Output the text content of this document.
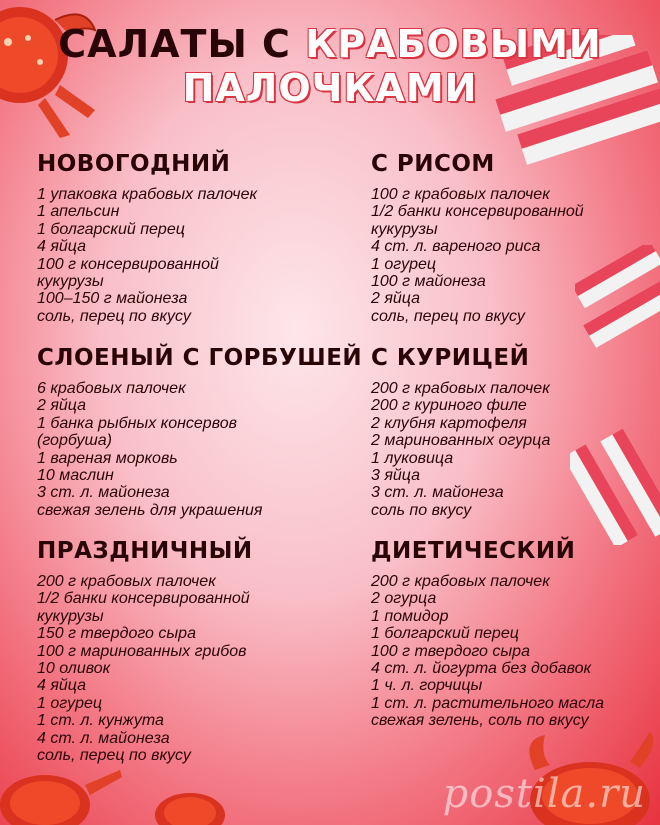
САЛАТЫ С КРАБОВЫМИ
ПАЛОЧКАМИ
НОВОГОДНИЙ
1 упаковка крабовых палочек
1 апельсин
1 болгарский перец
4 яйца
100 г консервированной
кукурузы
100–150 г майонеза
соль, перец по вкусу
С РИСОМ
100 г крабовых палочек
1/2 банки консервированной
кукурузы
4 ст. л. вареного риса
1 огурец
100 г майонеза
2 яйца
соль, перец по вкусу
СЛОЕНЫЙ С ГОРБУШЕЙ
6 крабовых палочек
2 яйца
1 банка рыбных консервов
(горбуша)
1 вареная морковь
10 маслин
3 ст. л. майонеза
свежая зелень для украшения
С КУРИЦЕЙ
200 г крабовых палочек
200 г куриного филе
2 клубня картофеля
2 маринованных огурца
1 луковица
3 яйца
3 ст. л. майонеза
соль по вкусу
ПРАЗДНИЧНЫЙ
200 г крабовых палочек
1/2 банки консервированной
кукурузы
150 г твердого сыра
100 г маринованных грибов
10 оливок
4 яйца
1 огурец
1 ст. л. кунжута
4 ст. л. майонеза
соль, перец по вкусу
ДИЕТИЧЕСКИЙ
200 г крабовых палочек
2 огурца
1 помидор
1 болгарский перец
100 г твердого сыра
4 ст. л. йогурта без добавок
1 ч. л. горчицы
1 ст. л. растительного масла
свежая зелень, соль по вкусу
postila.ru
